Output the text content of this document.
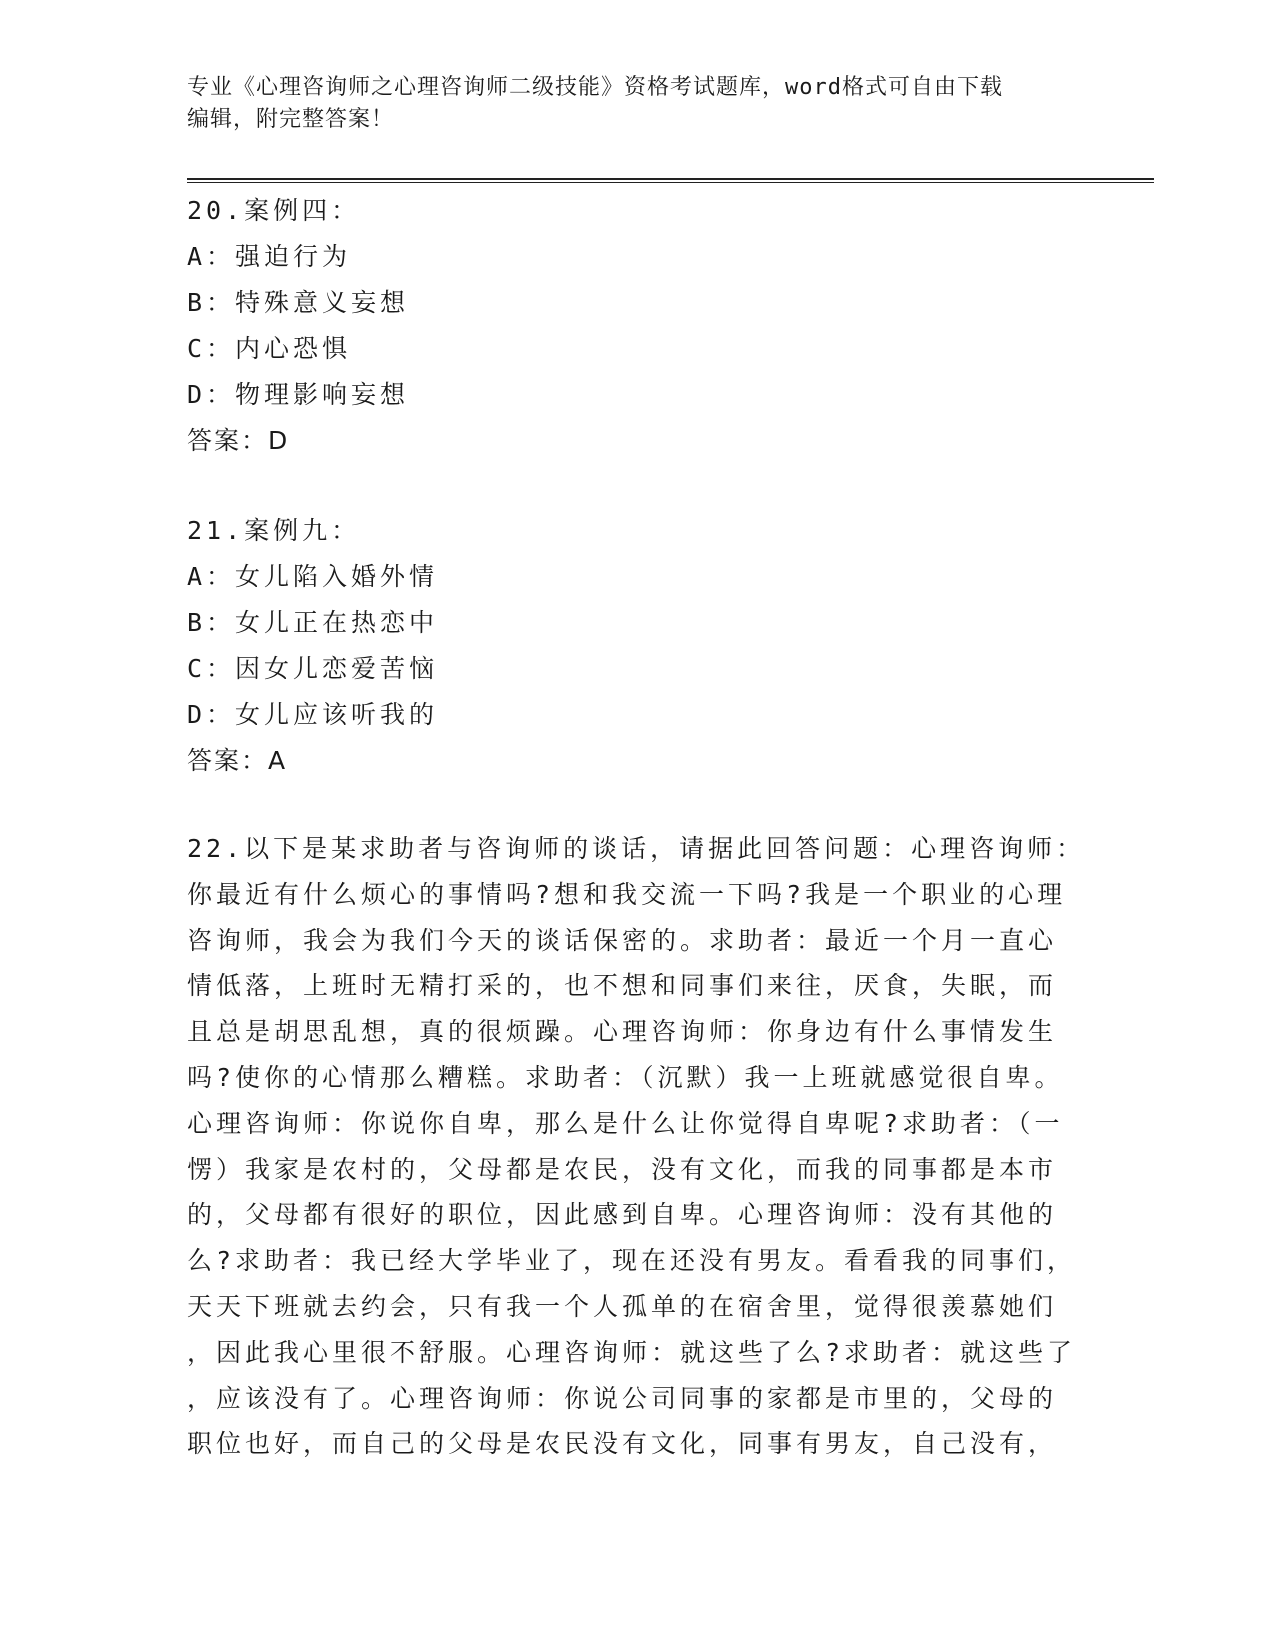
专业《心理咨询师之心理咨询师二级技能》资格考试题库，word格式可自由下载
编辑，附完整答案！
20.案例四：
A：强迫行为
B：特殊意义妄想
C：内心恐惧
D：物理影响妄想
答案：D
21.案例九：
A：女儿陷入婚外情
B：女儿正在热恋中
C：因女儿恋爱苦恼
D：女儿应该听我的
答案：A
22.以下是某求助者与咨询师的谈话，请据此回答问题：心理咨询师：
你最近有什么烦心的事情吗?想和我交流一下吗?我是一个职业的心理
咨询师，我会为我们今天的谈话保密的。求助者：最近一个月一直心
情低落，上班时无精打采的，也不想和同事们来往，厌食，失眠，而
且总是胡思乱想，真的很烦躁。心理咨询师：你身边有什么事情发生
吗?使你的心情那么糟糕。求助者：（沉默）我一上班就感觉很自卑。
心理咨询师：你说你自卑，那么是什么让你觉得自卑呢?求助者：（一
愣）我家是农村的，父母都是农民，没有文化，而我的同事都是本市
的，父母都有很好的职位，因此感到自卑。心理咨询师：没有其他的
么?求助者：我已经大学毕业了，现在还没有男友。看看我的同事们，
天天下班就去约会，只有我一个人孤单的在宿舍里，觉得很羡慕她们
，因此我心里很不舒服。心理咨询师：就这些了么?求助者：就这些了
，应该没有了。心理咨询师：你说公司同事的家都是市里的，父母的
职位也好，而自己的父母是农民没有文化，同事有男友，自己没有，
